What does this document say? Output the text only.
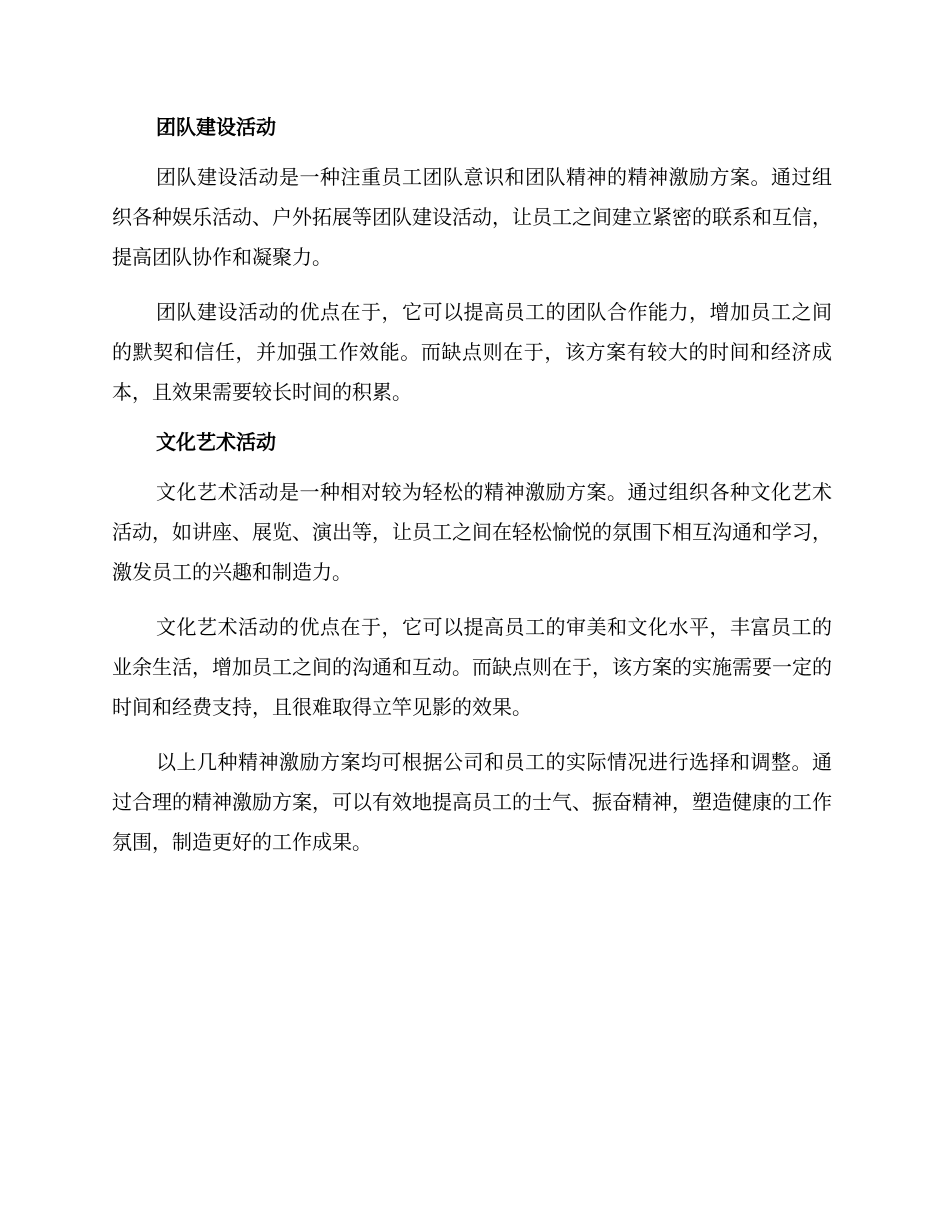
团队建设活动

团队建设活动是一种注重员工团队意识和团队精神的精神激励方案。通过组织各种娱乐活动、户外拓展等团队建设活动，让员工之间建立紧密的联系和互信，提高团队协作和凝聚力。

团队建设活动的优点在于，它可以提高员工的团队合作能力，增加员工之间的默契和信任，并加强工作效能。而缺点则在于，该方案有较大的时间和经济成本，且效果需要较长时间的积累。

文化艺术活动

文化艺术活动是一种相对较为轻松的精神激励方案。通过组织各种文化艺术活动，如讲座、展览、演出等，让员工之间在轻松愉悦的氛围下相互沟通和学习，激发员工的兴趣和制造力。

文化艺术活动的优点在于，它可以提高员工的审美和文化水平，丰富员工的业余生活，增加员工之间的沟通和互动。而缺点则在于，该方案的实施需要一定的时间和经费支持，且很难取得立竿见影的效果。

以上几种精神激励方案均可根据公司和员工的实际情况进行选择和调整。通过合理的精神激励方案，可以有效地提高员工的士气、振奋精神，塑造健康的工作氛围，制造更好的工作成果。
